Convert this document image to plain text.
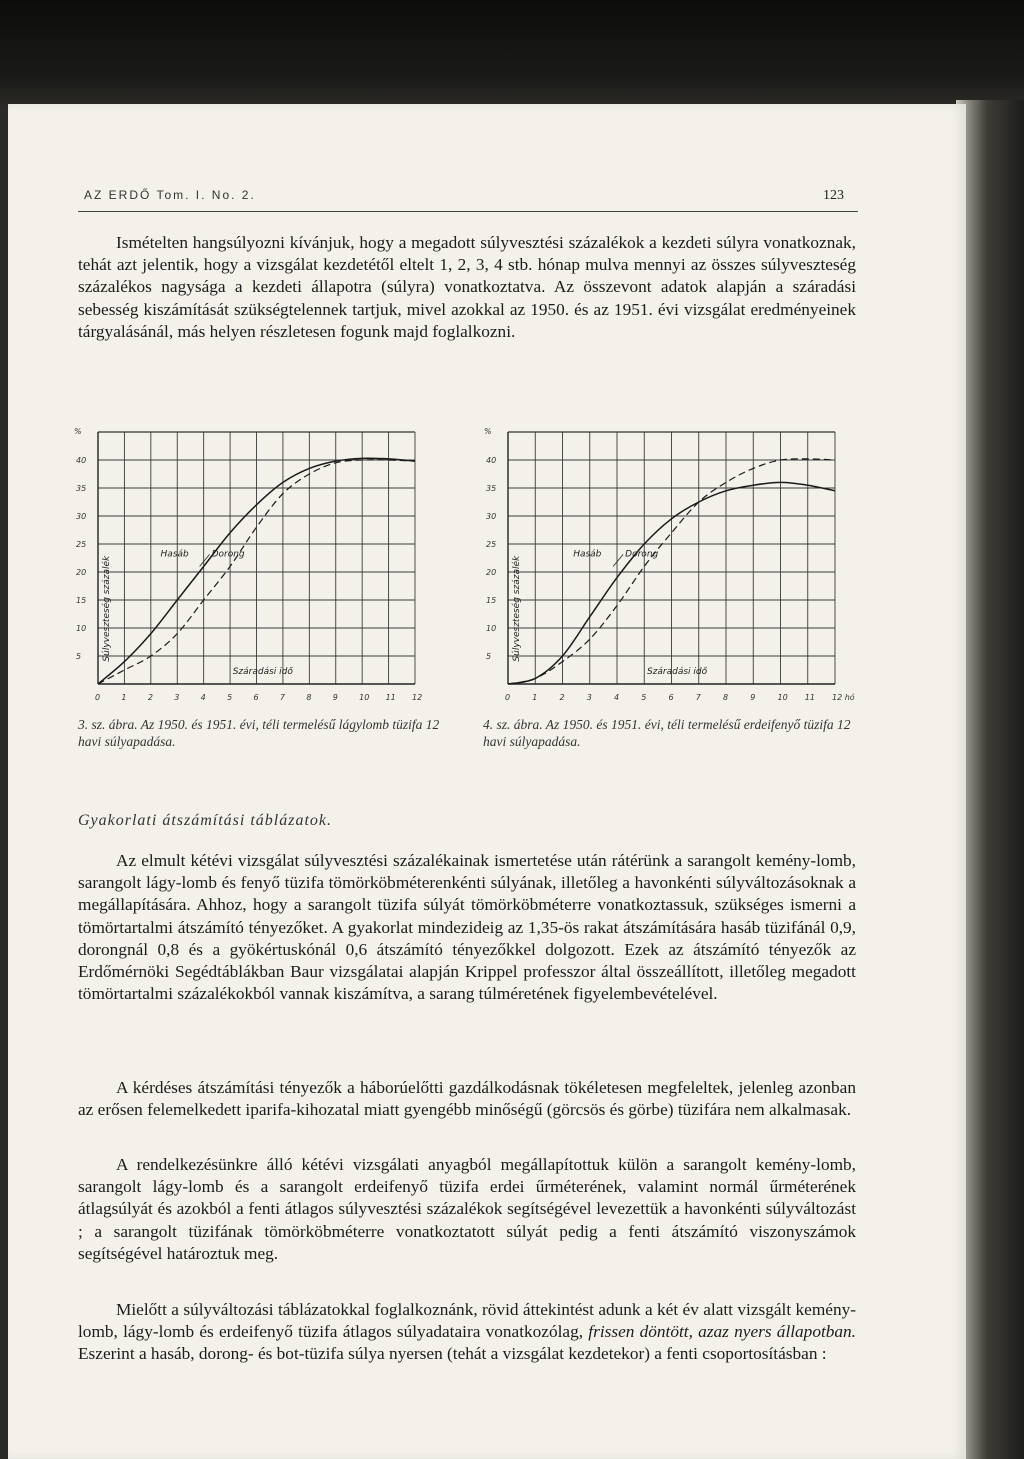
AZ ERDŐ Tom. I. No. 2.	123

Ismételten hangsúlyozni kívánjuk, hogy a megadott súlyvesztési százalékok a kezdeti súlyra vonatkoznak, tehát azt jelentik, hogy a vizsgálat kezdetétől eltelt 1, 2, 3, 4 stb. hónap mulva mennyi az összes súlyveszteség százalékos nagysága a kezdeti állapotra (súlyra) vonatkoztatva. Az összevont adatok alapján a száradási sebesség kiszámítását szükségtelennek tartjuk, mivel azokkal az 1950. és az 1951. évi vizsgálat eredményeinek tárgyalásánál, más helyen részletesen fogunk majd foglalkozni.

%
5
10
15
20
25
30
35
40
0	1	2	3	4	5	6	7	8	9	10 11 12
Súlyveszteség százalék
Száradási idő
Hasáb	Dorong
%
5
10
15
20
25
30
35
40
0	1	2	3	4	5	6	7	8	9	10 11 12 hó
Súlyveszteség százalék
Száradási idő
Hasáb	Dorong
3. sz. ábra. Az 1950. és 1951. évi, téli termelésű lágylomb tüzifa 12 havi súlyapadása.
4. sz. ábra. Az 1950. és 1951. évi, téli termelésű erdeifenyő tüzifa 12 havi súlyapadása.
Gyakorlati átszámítási táblázatok.

Az elmult kétévi vizsgálat súlyvesztési százalékainak ismertetése után rátérünk a sarangolt kemény-lomb, sarangolt lágy-lomb és fenyő tüzifa tömörköbméterenkénti súlyának, illetőleg a havonkénti súlyváltozásoknak a megállapítására. Ahhoz, hogy a sarangolt tüzifa súlyát tömörköbméterre vonatkoztassuk, szükséges ismerni a tömörtartalmi átszámító tényezőket. A gyakorlat mindezideig az 1,35-ös rakat átszámítására hasáb tüzifánál 0,9, dorongnál 0,8 és a gyökértuskónál 0,6 átszámító tényezőkkel dolgozott. Ezek az átszámító tényezők az Erdőmérnöki Segédtáblákban Baur vizsgálatai alapján Krippel professzor által összeállított, illetőleg megadott tömörtartalmi százalékokból vannak kiszámítva, a sarang túlméretének figyelembevételével.

A kérdéses átszámítási tényezők a háborúelőtti gazdálkodásnak tökéletesen megfeleltek, jelenleg azonban az erősen felemelkedett iparifa-kihozatal miatt gyengébb minőségű (görcsös és görbe) tüzifára nem alkalmasak.

A rendelkezésünkre álló kétévi vizsgálati anyagból megállapítottuk külön a sarangolt kemény-lomb, sarangolt lágy-lomb és a sarangolt erdeifenyő tüzifa erdei űrméterének, valamint normál űrméterének átlagsúlyát és azokból a fenti átlagos súlyvesztési százalékok segítségével levezettük a havonkénti súlyváltozást ; a sarangolt tüzifának tömörköbméterre vonatkoztatott súlyát pedig a fenti átszámító viszonyszámok segítségével határoztuk meg.

Mielőtt a súlyváltozási táblázatokkal foglalkoznánk, rövid áttekintést adunk a két év alatt vizsgált kemény-lomb, lágy-lomb és erdeifenyő tüzifa átlagos súlyadataira vonatkozólag, frissen döntött, azaz nyers állapotban. Eszerint a hasáb, dorong- és bot-tüzifa súlya nyersen (tehát a vizsgálat kezdetekor) a fenti csoportosításban :
